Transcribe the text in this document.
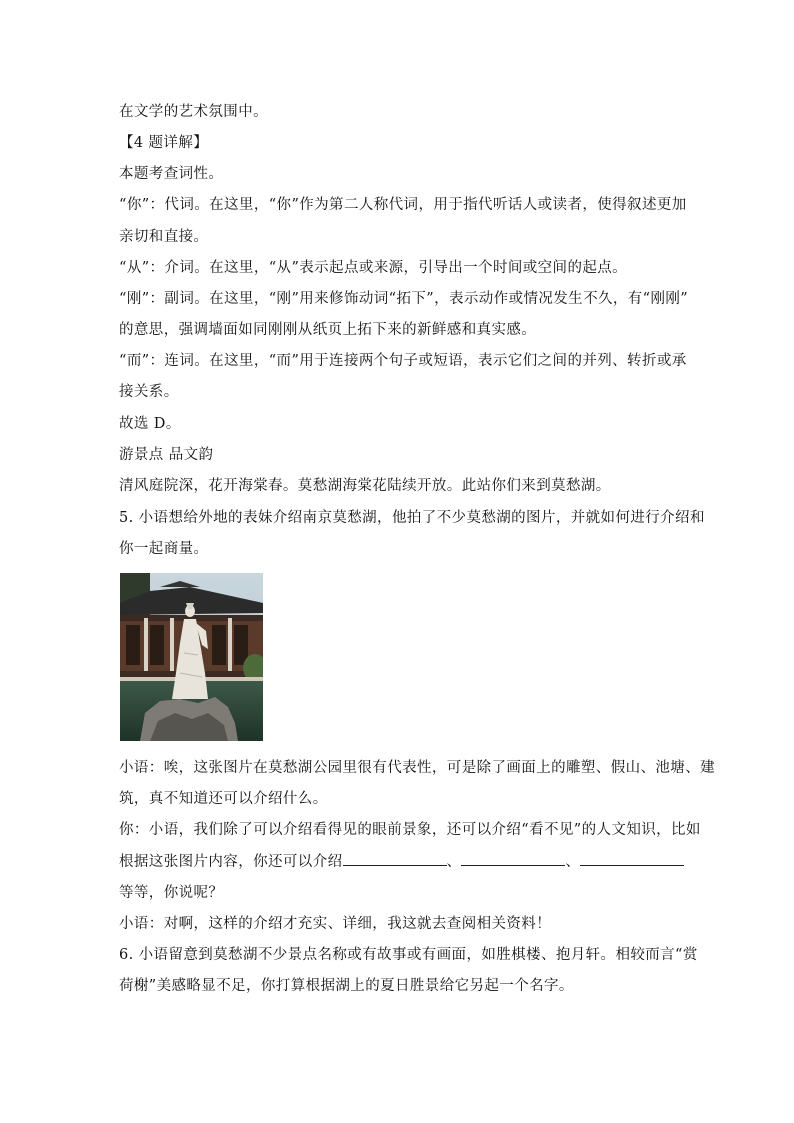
在文学的艺术氛围中。
【4 题详解】
本题考查词性。
“你”：代词。在这里，“你”作为第二人称代词，用于指代听话人或读者，使得叙述更加
亲切和直接。
“从”：介词。在这里，“从”表示起点或来源，引导出一个时间或空间的起点。
“刚”：副词。在这里，“刚”用来修饰动词“拓下”，表示动作或情况发生不久，有“刚刚”
的意思，强调墙面如同刚刚从纸页上拓下来的新鲜感和真实感。
“而”：连词。在这里，“而”用于连接两个句子或短语，表示它们之间的并列、转折或承
接关系。
故选 D。
游景点 品文韵
清风庭院深，花开海棠春。莫愁湖海棠花陆续开放。此站你们来到莫愁湖。
5. 小语想给外地的表妹介绍南京莫愁湖，他拍了不少莫愁湖的图片，并就如何进行介绍和
你一起商量。
小语：唉，这张图片在莫愁湖公园里很有代表性，可是除了画面上的雕塑、假山、池塘、建
筑，真不知道还可以介绍什么。
你：小语，我们除了可以介绍看得见的眼前景象，还可以介绍“看不见”的人文知识，比如
根据这张图片内容，你还可以介绍	、	、
等等，你说呢？
小语：对啊，这样的介绍才充实、详细，我这就去查阅相关资料！
6. 小语留意到莫愁湖不少景点名称或有故事或有画面，如胜棋楼、抱月轩。相较而言“赏
荷榭”美感略显不足，你打算根据湖上的夏日胜景给它另起一个名字。
